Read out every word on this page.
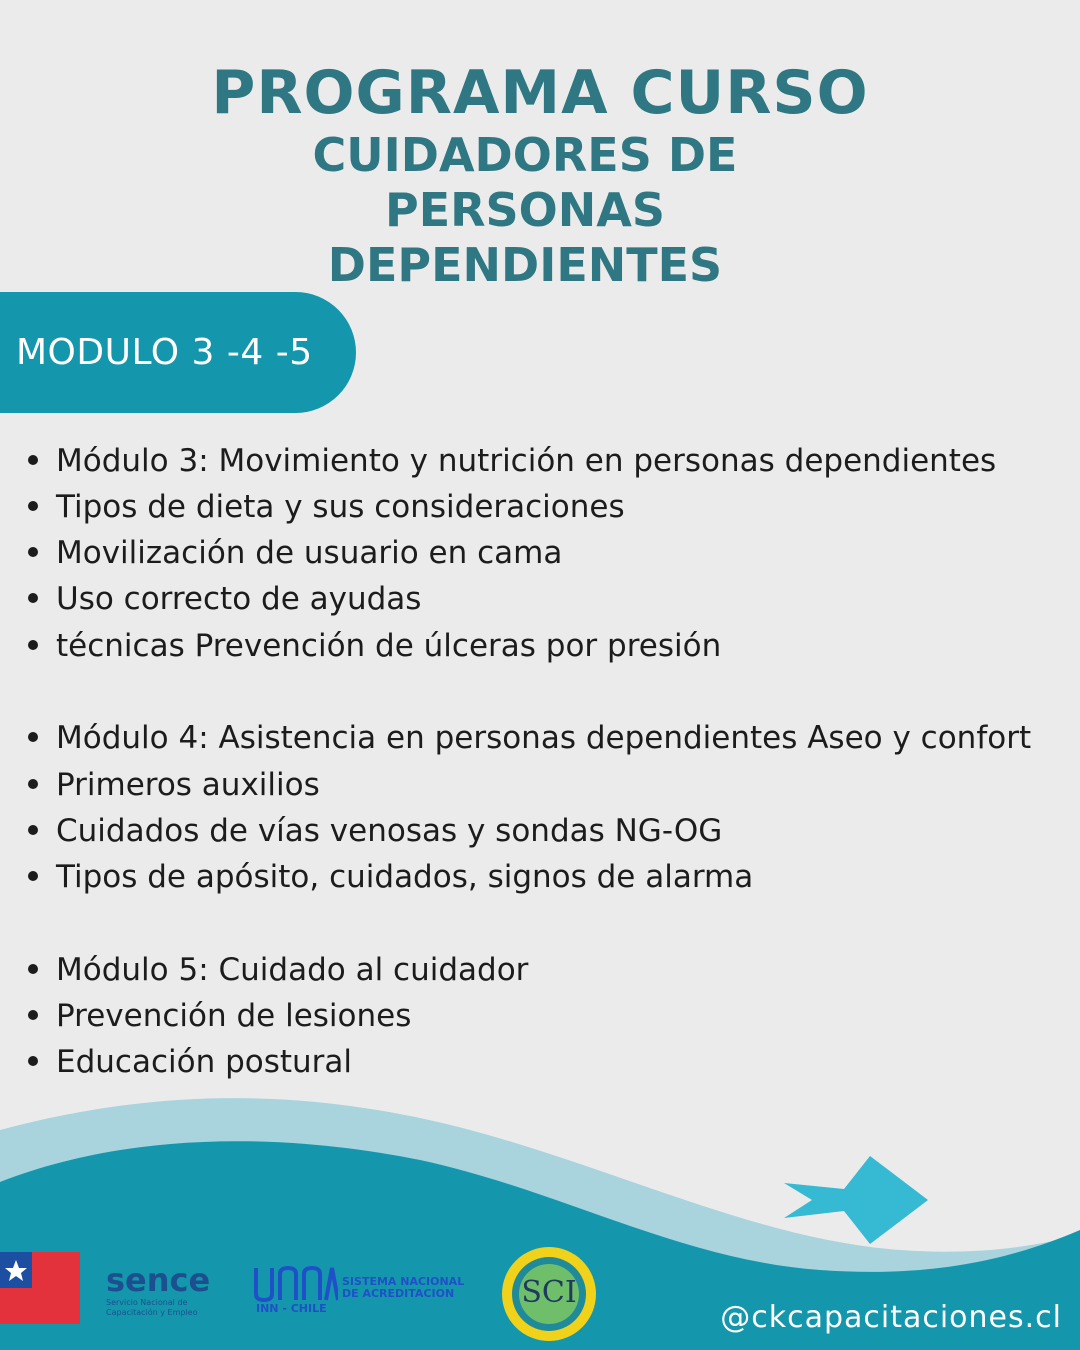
PROGRAMA CURSO
CUIDADORES DE PERSONAS DEPENDIENTES
MODULO 3 -4 -5
Módulo 3: Movimiento y nutrición en personas dependientes
Tipos de dieta y sus consideraciones
Movilización de usuario en cama
Uso correcto de ayudas
técnicas Prevención de úlceras por presión
Módulo 4: Asistencia en personas dependientes Aseo y confort
Primeros auxilios
Cuidados de vías venosas y sondas NG-OG
Tipos de apósito, cuidados, signos de alarma
Módulo 5: Cuidado al cuidador
Prevención de lesiones
Educación postural
sence
Servicio Nacional de Capacitación y Empleo	INN - CHILE
SISTEMA NACIONAL DE ACREDITACION	SCI
@ckcapacitaciones.cl
